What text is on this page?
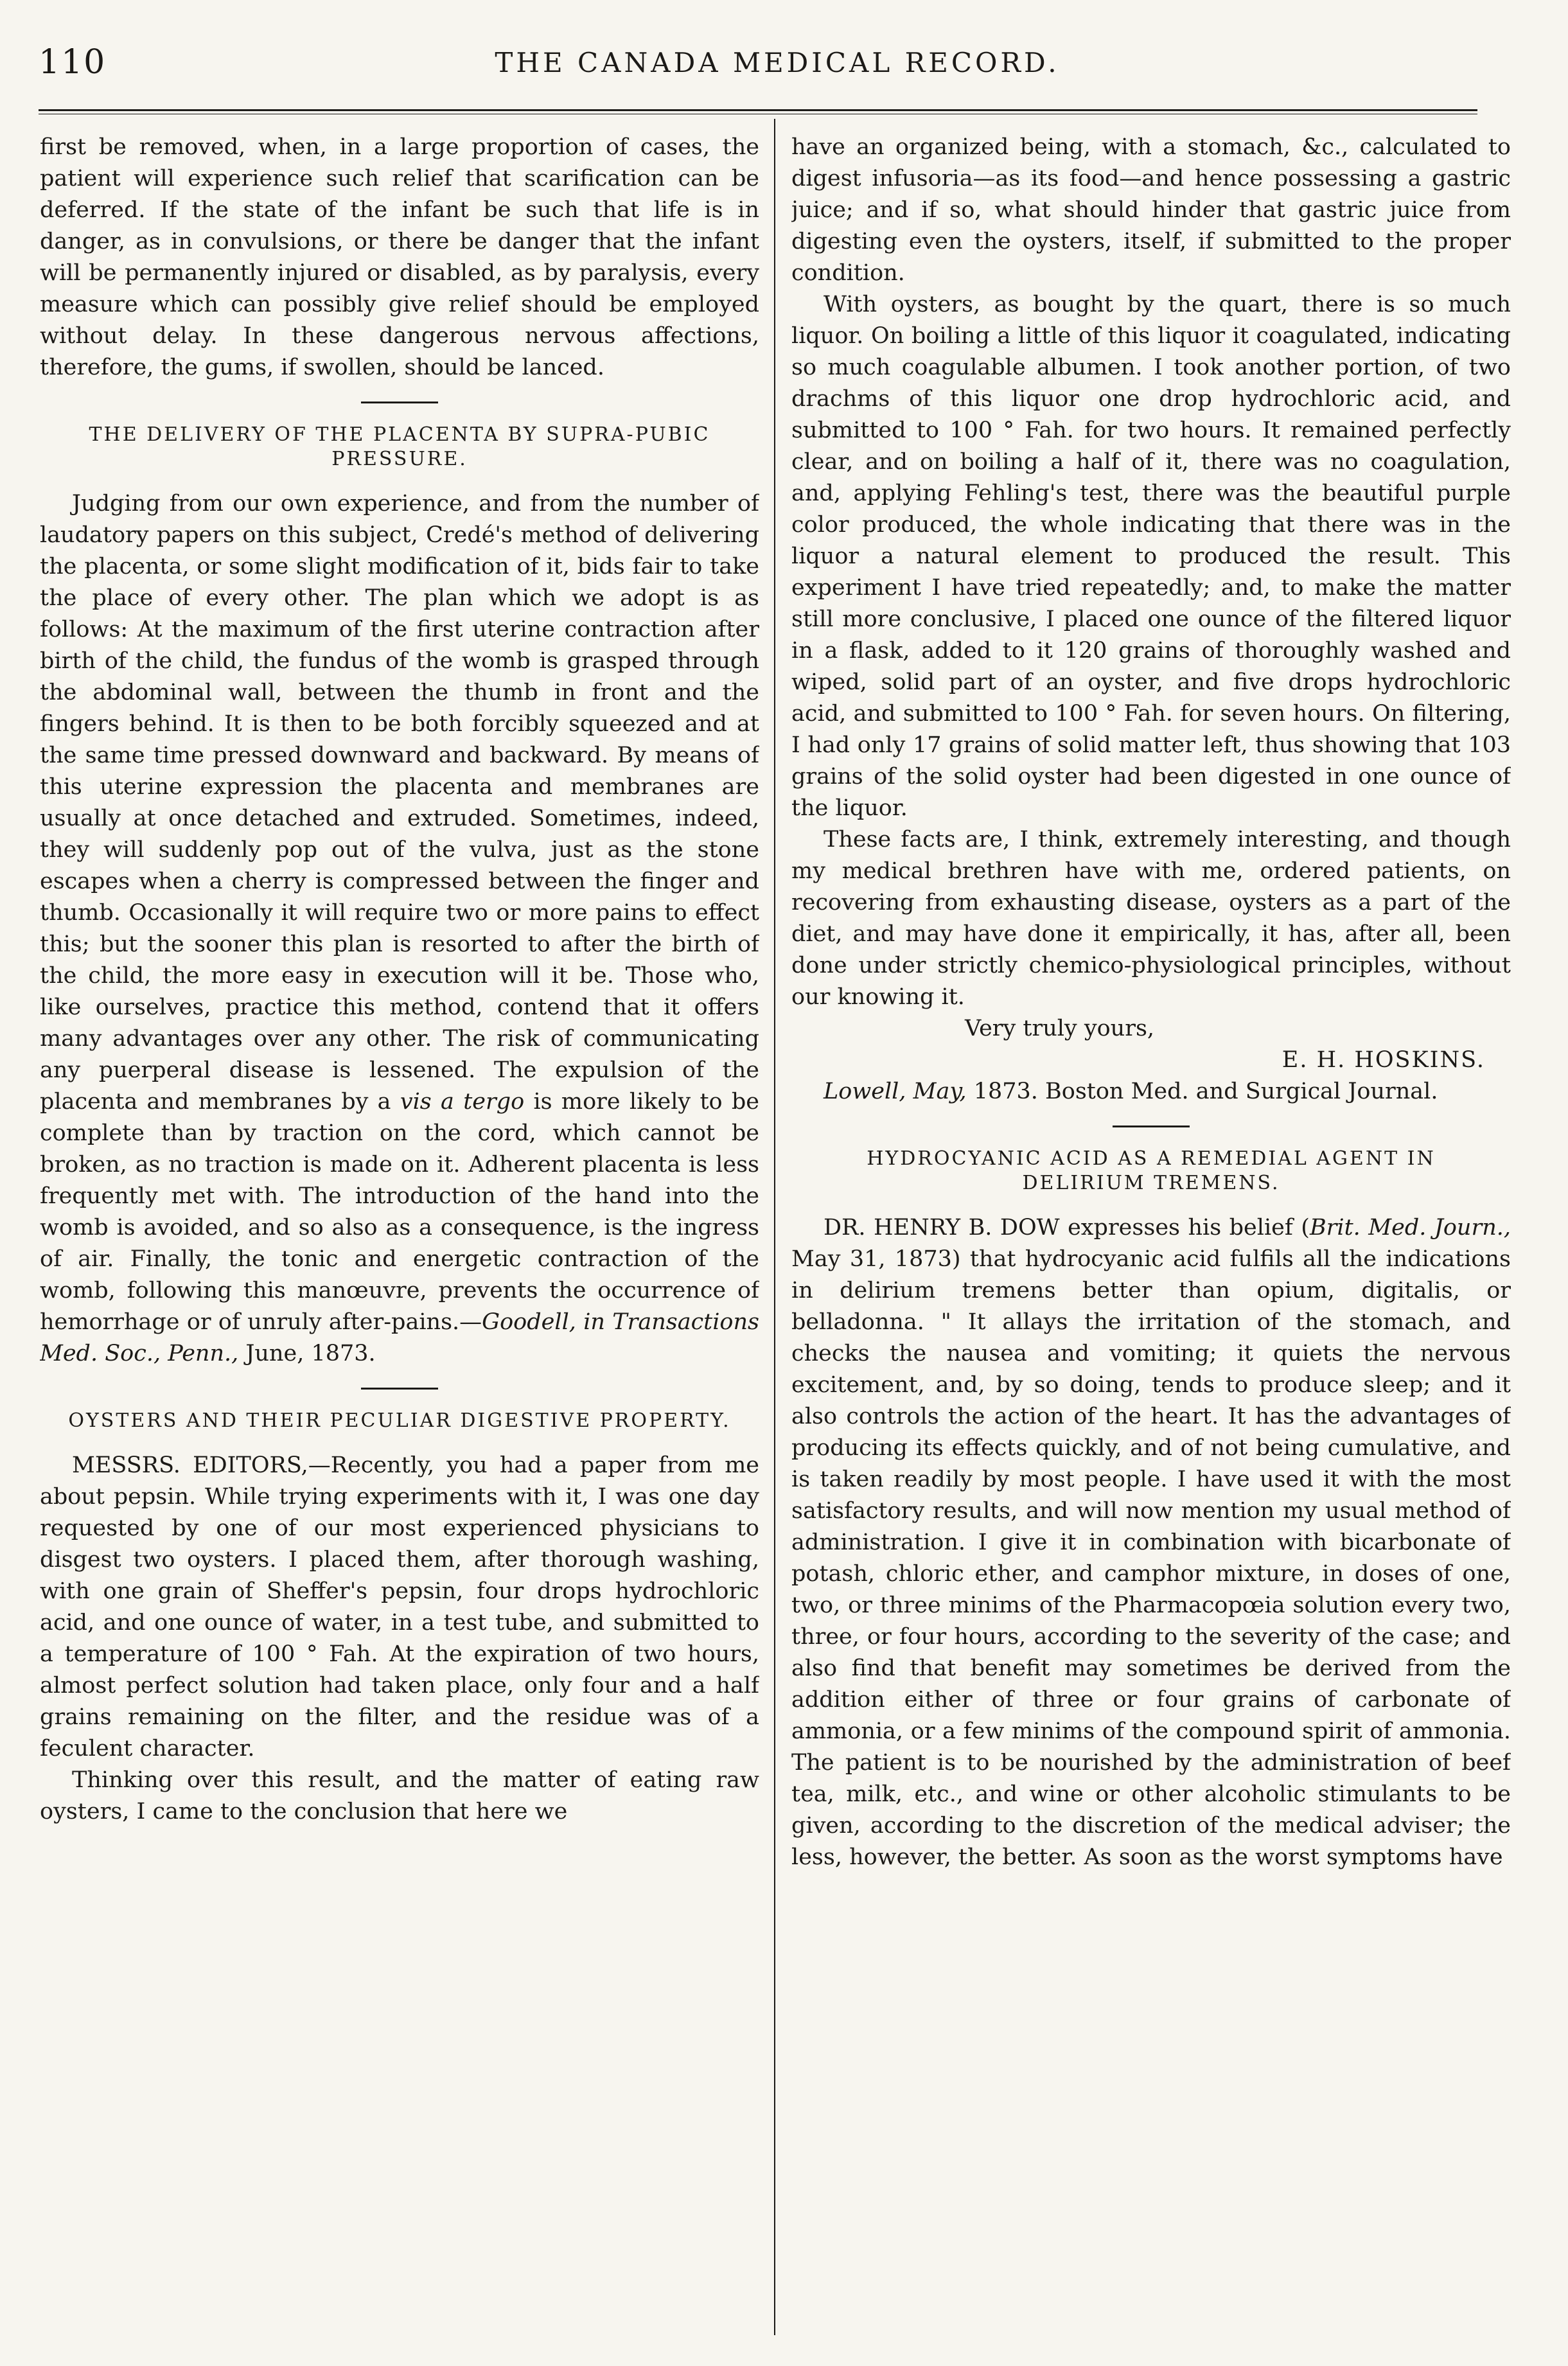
110	THE CANADA MEDICAL RECORD.

first be removed, when, in a large proportion of cases, the patient will experience such relief that scarification can be deferred. If the state of the infant be such that life is in danger, as in convulsions, or there be danger that the infant will be permanently injured or disabled, as by paralysis, every measure which can possibly give relief should be employed without delay. In these dangerous nervous affections, therefore, the gums, if swollen, should be lanced.

THE DELIVERY OF THE PLACENTA BY SUPRA-PUBIC PRESSURE.

Judging from our own experience, and from the number of laudatory papers on this subject, Credé's method of delivering the placenta, or some slight modification of it, bids fair to take the place of every other. The plan which we adopt is as follows: At the maximum of the first uterine contraction after birth of the child, the fundus of the womb is grasped through the abdominal wall, between the thumb in front and the fingers behind. It is then to be both forcibly squeezed and at the same time pressed downward and backward. By means of this uterine expression the placenta and membranes are usually at once detached and extruded. Sometimes, indeed, they will suddenly pop out of the vulva, just as the stone escapes when a cherry is compressed between the finger and thumb. Occasionally it will require two or more pains to effect this; but the sooner this plan is resorted to after the birth of the child, the more easy in execution will it be. Those who, like ourselves, practice this method, contend that it offers many advantages over any other. The risk of communicating any puerperal disease is lessened. The expulsion of the placenta and membranes by a vis a tergo is more likely to be complete than by traction on the cord, which cannot be broken, as no traction is made on it. Adherent placenta is less frequently met with. The introduction of the hand into the womb is avoided, and so also as a consequence, is the ingress of air. Finally, the tonic and energetic contraction of the womb, following this manœuvre, prevents the occurrence of hemorrhage or of unruly after-pains.—Goodell, in Transactions Med. Soc., Penn., June, 1873.

OYSTERS AND THEIR PECULIAR DIGESTIVE PROPERTY.

MESSRS. EDITORS,—Recently, you had a paper from me about pepsin. While trying experiments with it, I was one day requested by one of our most experienced physicians to disgest two oysters. I placed them, after thorough washing, with one grain of Sheffer's pepsin, four drops hydrochloric acid, and one ounce of water, in a test tube, and submitted to a temperature of 100 ° Fah. At the expiration of two hours, almost perfect solution had taken place, only four and a half grains remaining on the filter, and the residue was of a feculent character.

Thinking over this result, and the matter of eating raw oysters, I came to the conclusion that here we

have an organized being, with a stomach, &c., calculated to digest infusoria—as its food—and hence possessing a gastric juice; and if so, what should hinder that gastric juice from digesting even the oysters, itself, if submitted to the proper condition.

With oysters, as bought by the quart, there is so much liquor. On boiling a little of this liquor it coagulated, indicating so much coagulable albumen. I took another portion, of two drachms of this liquor one drop hydrochloric acid, and submitted to 100 ° Fah. for two hours. It remained perfectly clear, and on boiling a half of it, there was no coagulation, and, applying Fehling's test, there was the beautiful purple color produced, the whole indicating that there was in the liquor a natural element to produced the result. This experiment I have tried repeatedly; and, to make the matter still more conclusive, I placed one ounce of the filtered liquor in a flask, added to it 120 grains of thoroughly washed and wiped, solid part of an oyster, and five drops hydrochloric acid, and submitted to 100 ° Fah. for seven hours. On filtering, I had only 17 grains of solid matter left, thus showing that 103 grains of the solid oyster had been digested in one ounce of the liquor.

These facts are, I think, extremely interesting, and though my medical brethren have with me, ordered patients, on recovering from exhausting disease, oysters as a part of the diet, and may have done it empirically, it has, after all, been done under strictly chemico-physiological principles, without our knowing it.

Very truly yours,

E. H. HOSKINS.

Lowell, May, 1873. Boston Med. and Surgical Journal.

HYDROCYANIC ACID AS A REMEDIAL AGENT IN DELIRIUM TREMENS.

DR. HENRY B. DOW expresses his belief (Brit. Med. Journ., May 31, 1873) that hydrocyanic acid fulfils all the indications in delirium tremens better than opium, digitalis, or belladonna. " It allays the irritation of the stomach, and checks the nausea and vomiting; it quiets the nervous excitement, and, by so doing, tends to produce sleep; and it also controls the action of the heart. It has the advantages of producing its effects quickly, and of not being cumulative, and is taken readily by most people. I have used it with the most satisfactory results, and will now mention my usual method of administration. I give it in combination with bicarbonate of potash, chloric ether, and camphor mixture, in doses of one, two, or three minims of the Pharmacopœia solution every two, three, or four hours, according to the severity of the case; and also find that benefit may sometimes be derived from the addition either of three or four grains of carbonate of ammonia, or a few minims of the compound spirit of ammonia. The patient is to be nourished by the administration of beef tea, milk, etc., and wine or other alcoholic stimulants to be given, according to the discretion of the medical adviser; the less, however, the better. As soon as the worst symptoms have
